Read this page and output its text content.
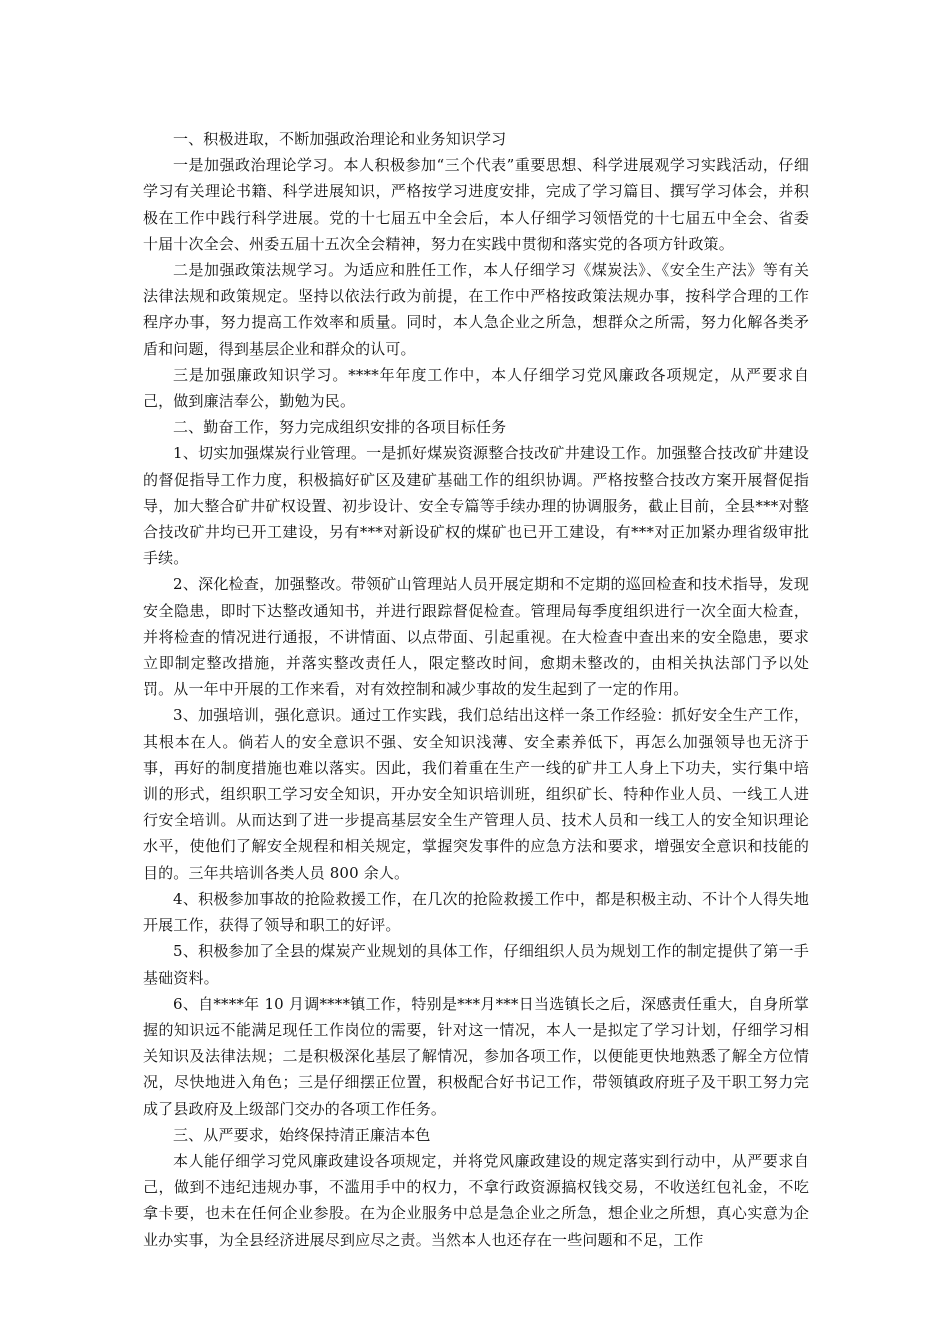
一、积极进取，不断加强政治理论和业务知识学习

一是加强政治理论学习。本人积极参加“三个代表”重要思想、科学进展观学习实践活动，仔细学习有关理论书籍、科学进展知识，严格按学习进度安排，完成了学习篇目、撰写学习体会，并积极在工作中践行科学进展。党的十七届五中全会后，本人仔细学习领悟党的十七届五中全会、省委十届十次全会、州委五届十五次全会精神，努力在实践中贯彻和落实党的各项方针政策。

二是加强政策法规学习。为适应和胜任工作，本人仔细学习《煤炭法》、《安全生产法》等有关法律法规和政策规定。坚持以依法行政为前提，在工作中严格按政策法规办事，按科学合理的工作程序办事，努力提高工作效率和质量。同时，本人急企业之所急，想群众之所需，努力化解各类矛盾和问题，得到基层企业和群众的认可。

三是加强廉政知识学习。****年年度工作中，本人仔细学习党风廉政各项规定，从严要求自己，做到廉洁奉公，勤勉为民。

二、勤奋工作，努力完成组织安排的各项目标任务

1、切实加强煤炭行业管理。一是抓好煤炭资源整合技改矿井建设工作。加强整合技改矿井建设的督促指导工作力度，积极搞好矿区及建矿基础工作的组织协调。严格按整合技改方案开展督促指导，加大整合矿井矿权设置、初步设计、安全专篇等手续办理的协调服务，截止目前，全县***对整合技改矿井均已开工建设，另有***对新设矿权的煤矿也已开工建设，有***对正加紧办理省级审批手续。

2、深化检查，加强整改。带领矿山管理站人员开展定期和不定期的巡回检查和技术指导，发现安全隐患，即时下达整改通知书，并进行跟踪督促检查。管理局每季度组织进行一次全面大检查，并将检查的情况进行通报，不讲情面、以点带面、引起重视。在大检查中查出来的安全隐患，要求立即制定整改措施，并落实整改责任人，限定整改时间，愈期未整改的，由相关执法部门予以处罚。从一年中开展的工作来看，对有效控制和减少事故的发生起到了一定的作用。

3、加强培训，强化意识。通过工作实践，我们总结出这样一条工作经验：抓好安全生产工作，其根本在人。倘若人的安全意识不强、安全知识浅薄、安全素养低下，再怎么加强领导也无济于事，再好的制度措施也难以落实。因此，我们着重在生产一线的矿井工人身上下功夫，实行集中培训的形式，组织职工学习安全知识，开办安全知识培训班，组织矿长、特种作业人员、一线工人进行安全培训。从而达到了进一步提高基层安全生产管理人员、技术人员和一线工人的安全知识理论水平，使他们了解安全规程和相关规定，掌握突发事件的应急方法和要求，增强安全意识和技能的目的。三年共培训各类人员 800 余人。

4、积极参加事故的抢险救援工作，在几次的抢险救援工作中，都是积极主动、不计个人得失地开展工作，获得了领导和职工的好评。

5、积极参加了全县的煤炭产业规划的具体工作，仔细组织人员为规划工作的制定提供了第一手基础资料。

6、自****年 10 月调****镇工作，特别是***月***日当选镇长之后，深感责任重大，自身所掌握的知识远不能满足现任工作岗位的需要，针对这一情况，本人一是拟定了学习计划，仔细学习相关知识及法律法规；二是积极深化基层了解情况，参加各项工作，以便能更快地熟悉了解全方位情况，尽快地进入角色；三是仔细摆正位置，积极配合好书记工作，带领镇政府班子及干职工努力完成了县政府及上级部门交办的各项工作任务。

三、从严要求，始终保持清正廉洁本色

本人能仔细学习党风廉政建设各项规定，并将党风廉政建设的规定落实到行动中，从严要求自己，做到不违纪违规办事，不滥用手中的权力，不拿行政资源搞权钱交易，不收送红包礼金，不吃拿卡要，也未在任何企业参股。在为企业服务中总是急企业之所急，想企业之所想，真心实意为企业办实事，为全县经济进展尽到应尽之责。当然本人也还存在一些问题和不足，工作
